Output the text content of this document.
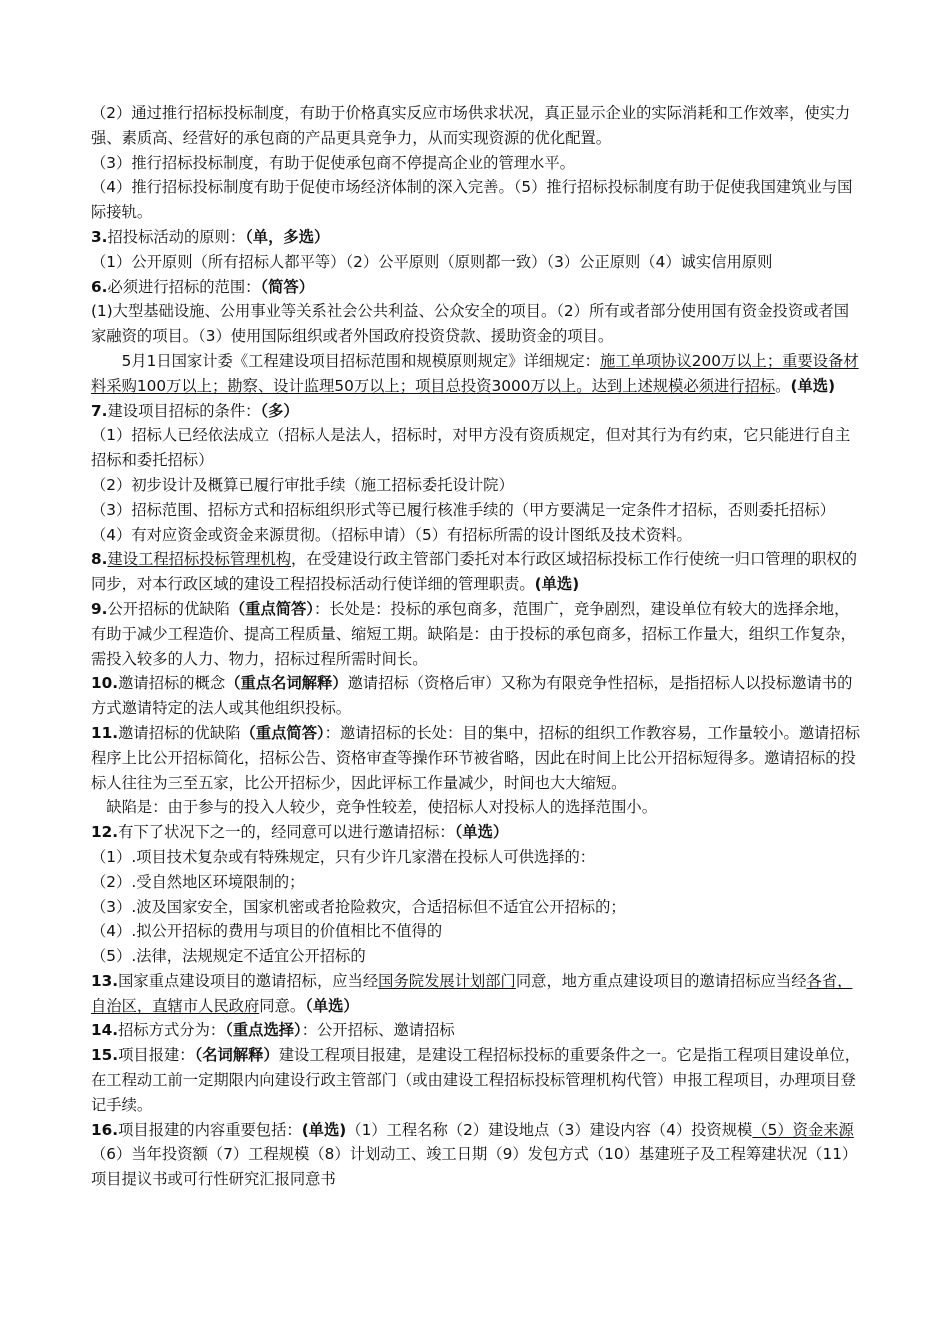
（2）通过推行招标投标制度，有助于价格真实反应市场供求状况，真正显示企业的实际消耗和工作效率，使实力强、素质高、经营好的承包商的产品更具竞争力，从而实现资源的优化配置。

（3）推行招标投标制度，有助于促使承包商不停提高企业的管理水平。

（4）推行招标投标制度有助于促使市场经济体制的深入完善。（5）推行招标投标制度有助于促使我国建筑业与国际接轨。

3.招投标活动的原则：（单，多选）

（1）公开原则（所有招标人都平等）（2）公平原则（原则都一致）（3）公正原则（4）诚实信用原则

6.必须进行招标的范围：（简答）

(1)大型基础设施、公用事业等关系社会公共利益、公众安全的项目。（2）所有或者部分使用国有资金投资或者国家融资的项目。（3）使用国际组织或者外国政府投资贷款、援助资金的项目。

5月1日国家计委《工程建设项目招标范围和规模原则规定》详细规定：施工单项协议200万以上；重要设备材料采购100万以上；勘察、设计监理50万以上；项目总投资3000万以上。达到上述规模必须进行招标。(单选)

7.建设项目招标的条件：（多）

（1）招标人已经依法成立（招标人是法人，招标时，对甲方没有资质规定，但对其行为有约束，它只能进行自主招标和委托招标）

（2）初步设计及概算已履行审批手续（施工招标委托设计院）

（3）招标范围、招标方式和招标组织形式等已履行核准手续的（甲方要满足一定条件才招标，否则委托招标）

（4）有对应资金或资金来源贯彻。（招标申请）（5）有招标所需的设计图纸及技术资料。

8.建设工程招标投标管理机构，在受建设行政主管部门委托对本行政区域招标投标工作行使统一归口管理的职权的同步，对本行政区域的建设工程招投标活动行使详细的管理职责。(单选)

9.公开招标的优缺陷（重点简答）：长处是：投标的承包商多，范围广，竞争剧烈，建设单位有较大的选择余地，有助于减少工程造价、提高工程质量、缩短工期。缺陷是：由于投标的承包商多，招标工作量大，组织工作复杂，需投入较多的人力、物力，招标过程所需时间长。

10.邀请招标的概念（重点名词解释）邀请招标（资格后审）又称为有限竞争性招标，是指招标人以投标邀请书的方式邀请特定的法人或其他组织投标。

11.邀请招标的优缺陷（重点简答）：邀请招标的长处：目的集中，招标的组织工作教容易，工作量较小。邀请招标程序上比公开招标简化，招标公告、资格审查等操作环节被省略，因此在时间上比公开招标短得多。邀请招标的投标人往往为三至五家，比公开招标少，因此评标工作量减少，时间也大大缩短。

缺陷是：由于参与的投入人较少，竞争性较差，使招标人对投标人的选择范围小。

12.有下了状况下之一的，经同意可以进行邀请招标：（单选）

（1）.项目技术复杂或有特殊规定，只有少许几家潜在投标人可供选择的：

（2）.受自然地区环境限制的；

（3）.波及国家安全，国家机密或者抢险救灾，合适招标但不适宜公开招标的；

（4）.拟公开招标的费用与项目的价值相比不值得的

（5）.法律，法规规定不适宜公开招标的

13.国家重点建设项目的邀请招标，应当经国务院发展计划部门同意，地方重点建设项目的邀请招标应当经各省，自治区，直辖市人民政府同意。（单选）

14.招标方式分为：（重点选择）：公开招标、邀请招标

15.项目报建：（名词解释）建设工程项目报建，是建设工程招标投标的重要条件之一。它是指工程项目建设单位，在工程动工前一定期限内向建设行政主管部门（或由建设工程招标投标管理机构代管）申报工程项目，办理项目登记手续。

16.项目报建的内容重要包括：(单选)（1）工程名称（2）建设地点（3）建设内容（4）投资规模（5）资金来源（6）当年投资额（7）工程规模（8）计划动工、竣工日期（9）发包方式（10）基建班子及工程筹建状况（11）项目提议书或可行性研究汇报同意书
